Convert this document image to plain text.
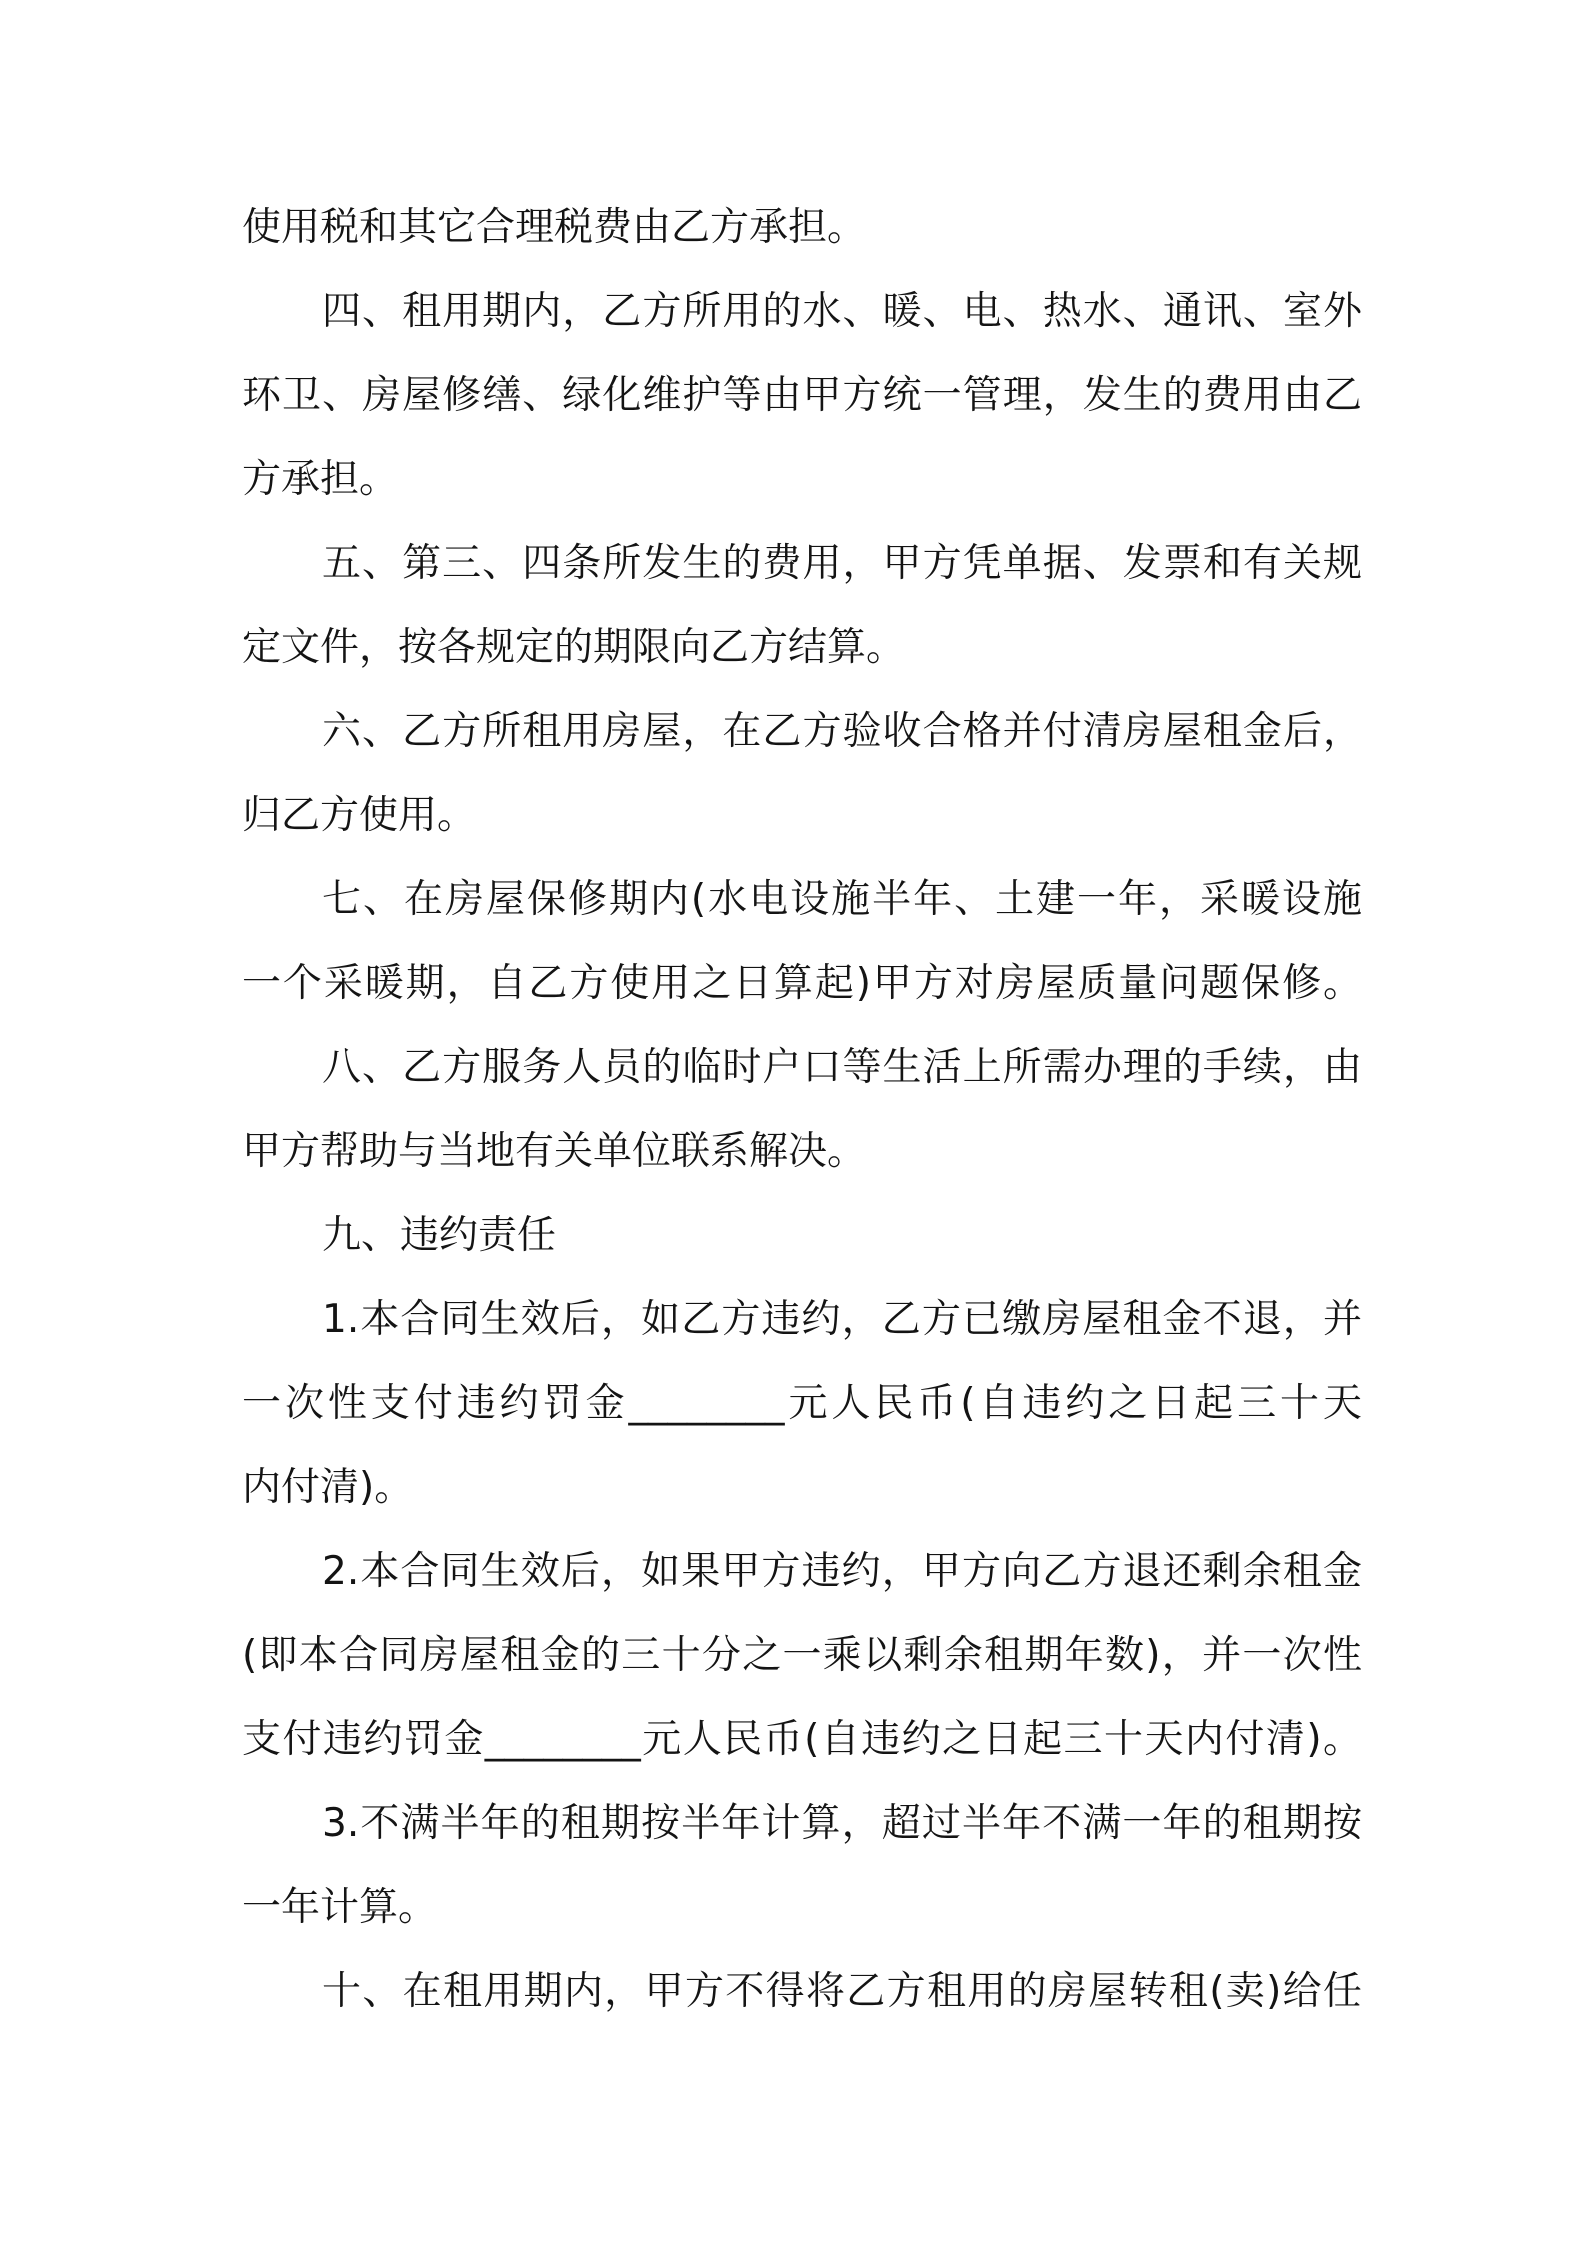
使用税和其它合理税费由乙方承担。
四、租用期内，乙方所用的水、暖、电、热水、通讯、室外
环卫、房屋修缮、绿化维护等由甲方统一管理，发生的费用由乙
方承担。
五、第三、四条所发生的费用，甲方凭单据、发票和有关规
定文件，按各规定的期限向乙方结算。
六、乙方所租用房屋，在乙方验收合格并付清房屋租金后，
归乙方使用。
七、在房屋保修期内(水电设施半年、土建一年，采暖设施
一个采暖期，自乙方使用之日算起)甲方对房屋质量问题保修。
八、乙方服务人员的临时户口等生活上所需办理的手续，由
甲方帮助与当地有关单位联系解决。
九、违约责任
1.本合同生效后，如乙方违约，乙方已缴房屋租金不退，并
一次性支付违约罚金________元人民币(自违约之日起三十天
内付清)。
2.本合同生效后，如果甲方违约，甲方向乙方退还剩余租金
(即本合同房屋租金的三十分之一乘以剩余租期年数)，并一次性
支付违约罚金________元人民币(自违约之日起三十天内付清)。
3.不满半年的租期按半年计算，超过半年不满一年的租期按
一年计算。
十、在租用期内，甲方不得将乙方租用的房屋转租(卖)给任
